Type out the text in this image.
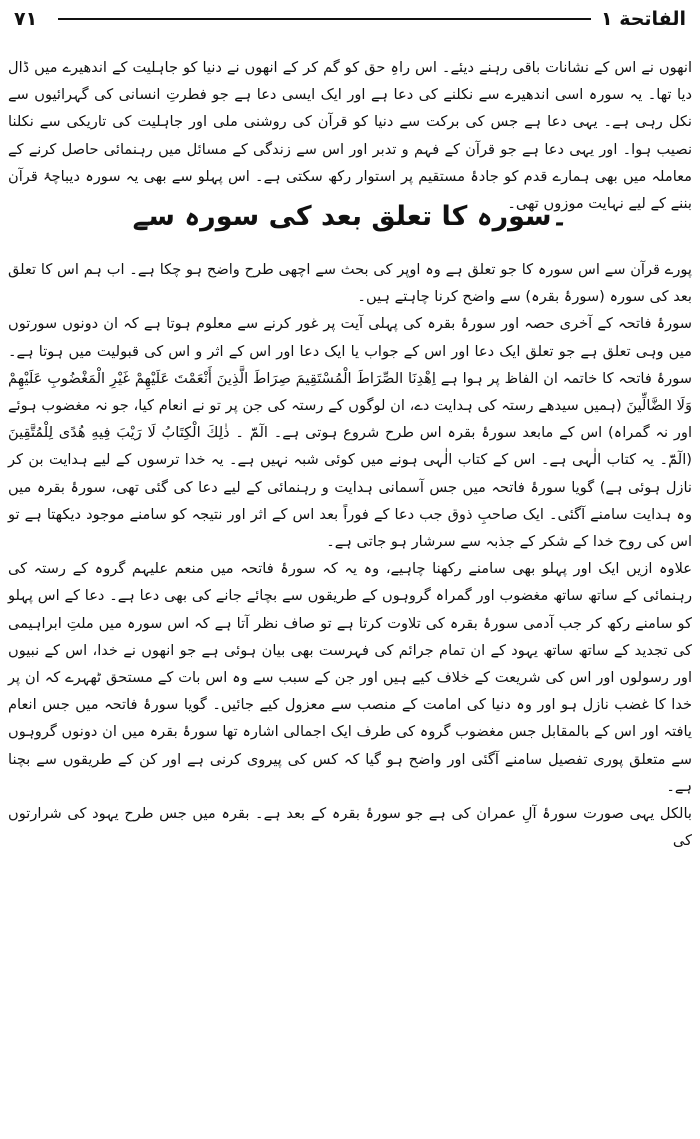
٧١	الفاتحة ١

انھوں نے اس کے نشانات باقی رہنے دیئے۔ اس راہِ حق کو گم کر کے انھوں نے دنیا کو جاہلیت کے اندھیرے میں ڈال دیا تھا۔ یہ سورہ اسی اندھیرے سے نکلنے کی دعا ہے اور ایک ایسی دعا ہے جو فطرتِ انسانی کی گہرائیوں سے نکل رہی ہے۔ یہی دعا ہے جس کی برکت سے دنیا کو قرآن کی روشنی ملی اور جاہلیت کی تاریکی سے نکلنا نصیب ہوا۔ اور یہی دعا ہے جو قرآن کے فہم و تدبر اور اس سے زندگی کے مسائل میں رہنمائی حاصل کرنے کے معاملہ میں بھی ہمارے قدم کو جادۂ مستقیم پر استوار رکھ سکتی ہے۔ اس پہلو سے بھی یہ سورہ دیباچۂ قرآن بننے کے لیے نہایت موزوں تھی۔

۔سورہ کا تعلق بعد کی سورہ سے

پورے قرآن سے اس سورہ کا جو تعلق ہے وہ اوپر کی بحث سے اچھی طرح واضح ہو چکا ہے۔ اب ہم اس کا تعلق بعد کی سورہ (سورۂ بقرہ) سے واضح کرنا چاہتے ہیں۔

سورۂ فاتحہ کے آخری حصہ اور سورۂ بقرہ کی پہلی آیت پر غور کرنے سے معلوم ہوتا ہے کہ ان دونوں سورتوں میں وہی تعلق ہے جو تعلق ایک دعا اور اس کے جواب یا ایک دعا اور اس کے اثر و اس کی قبولیت میں ہوتا ہے۔ سورۂ فاتحہ کا خاتمہ ان الفاظ پر ہوا ہے اِهْدِنَا الصِّرَاطَ الْمُسْتَقِيمَ صِرَاطَ الَّذِينَ أَنْعَمْتَ عَلَيْهِمْ غَيْرِ الْمَغْضُوبِ عَلَيْهِمْ وَلَا الضَّالِّينَ (ہمیں سیدھے رستہ کی ہدایت دے، ان لوگوں کے رستہ کی جن پر تو نے انعام کیا، جو نہ مغضوب ہوئے اور نہ گمراہ) اس کے مابعد سورۂ بقرہ اس طرح شروع ہوتی ہے۔ الٓمّٓ ۔ ذٰلِكَ الْكِتَابُ لَا رَيْبَ فِيهِ هُدًى لِلْمُتَّقِينَ (الٓمّٓ۔ یہ کتاب الٰہی ہے۔ اس کے کتاب الٰہی ہونے میں کوئی شبہ نہیں ہے۔ یہ خدا ترسوں کے لیے ہدایت بن کر نازل ہوئی ہے) گویا سورۂ فاتحہ میں جس آسمانی ہدایت و رہنمائی کے لیے دعا کی گئی تھی، سورۂ بقرہ میں وہ ہدایت سامنے آگئی۔ ایک صاحبِ ذوق جب دعا کے فوراً بعد اس کے اثر اور نتیجہ کو سامنے موجود دیکھتا ہے تو اس کی روح خدا کے شکر کے جذبہ سے سرشار ہو جاتی ہے۔

علاوہ ازیں ایک اور پہلو بھی سامنے رکھنا چاہیے، وہ یہ کہ سورۂ فاتحہ میں منعم علیہم گروہ کے رستہ کی رہنمائی کے ساتھ ساتھ مغضوب اور گمراہ گروہوں کے طریقوں سے بچائے جانے کی بھی دعا ہے۔ دعا کے اس پہلو کو سامنے رکھ کر جب آدمی سورۂ بقرہ کی تلاوت کرتا ہے تو صاف نظر آتا ہے کہ اس سورہ میں ملتِ ابراہیمی کی تجدید کے ساتھ ساتھ یہود کے ان تمام جرائم کی فہرست بھی بیان ہوئی ہے جو انھوں نے خدا، اس کے نبیوں اور رسولوں اور اس کی شریعت کے خلاف کیے ہیں اور جن کے سبب سے وہ اس بات کے مستحق ٹھہرے کہ ان پر خدا کا غضب نازل ہو اور وہ دنیا کی امامت کے منصب سے معزول کیے جائیں۔ گویا سورۂ فاتحہ میں جس انعام یافتہ اور اس کے بالمقابل جس مغضوب گروہ کی طرف ایک اجمالی اشارہ تھا سورۂ بقرہ میں ان دونوں گروہوں سے متعلق پوری تفصیل سامنے آگئی اور واضح ہو گیا کہ کس کی پیروی کرنی ہے اور کن کے طریقوں سے بچنا ہے۔

بالکل یہی صورت سورۂ آلِ عمران کی ہے جو سورۂ بقرہ کے بعد ہے۔ بقرہ میں جس طرح یہود کی شرارتوں کی
